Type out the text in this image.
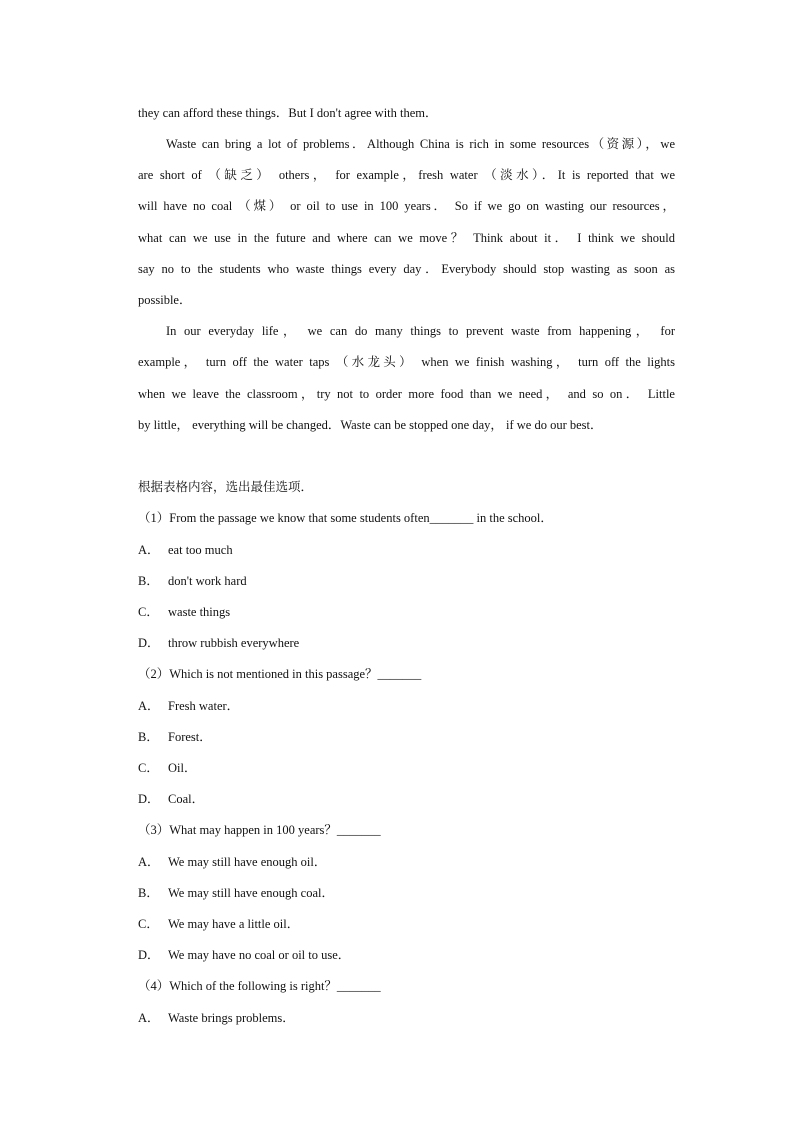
they can afford these things．But I don't agree with them．
Waste can bring a lot of problems．Although China is rich in some resources（资源），we
are short of （缺乏） others， for example，fresh water （淡水）．It is reported that we
will have no coal （煤） or oil to use in 100 years． So if we go on wasting our resources，
what can we use in the future and where can we move？ Think about it． I think we should
say no to the students who waste things every day．Everybody should stop wasting as soon as
possible．
In our everyday life， we can do many things to prevent waste from happening， for
example， turn off the water taps （水龙头） when we finish washing， turn off the lights
when we leave the classroom，try not to order more food than we need， and so on． Little
by little， everything will be changed．Waste can be stopped one day， if we do our best．
根据表格内容，选出最佳选项．
（1）From the passage we know that some students often_______ in the school．
A． eat too much
B． don't work hard
C． waste things
D． throw rubbish everywhere
（2）Which is not mentioned in this passage？_______
A． Fresh water．
B． Forest．
C． Oil．
D． Coal．
（3）What may happen in 100 years？_______
A． We may still have enough oil．
B． We may still have enough coal．
C． We may have a little oil．
D． We may have no coal or oil to use．
（4）Which of the following is right？_______
A． Waste brings problems．
